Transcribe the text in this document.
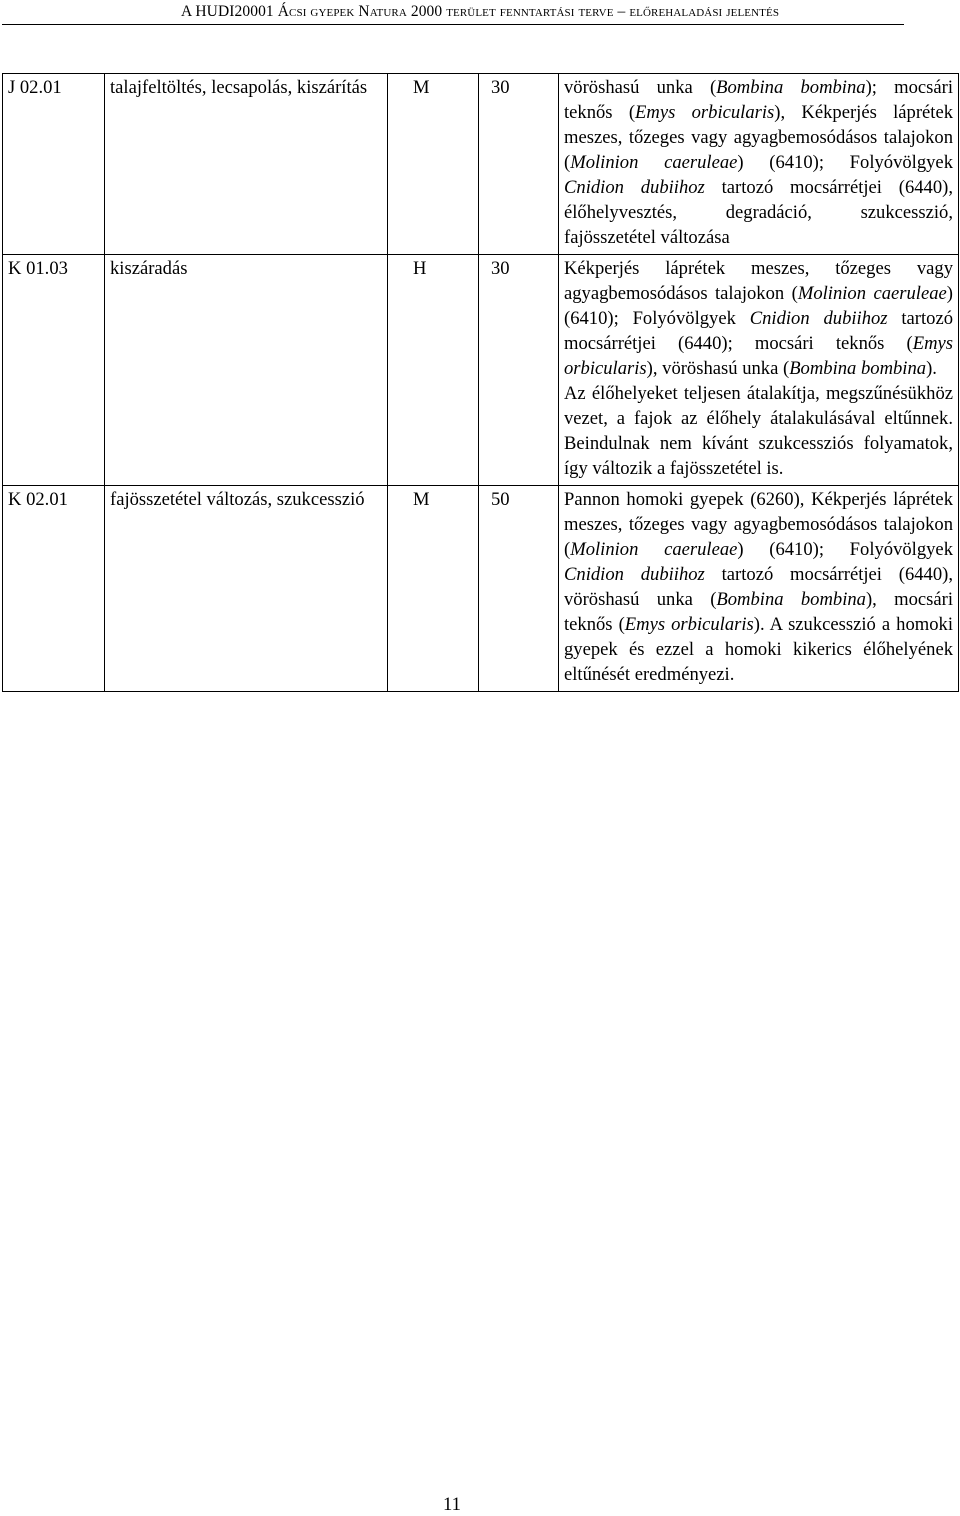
A HUDI20001 Ácsi gyepek Natura 2000 terület fenntartási terve – előrehaladási jelentés
J 02.01	talajfeltöltés, lecsapolás, kiszárítás	M	30	vöröshasú unka (Bombina bombina); mocsári teknős (Emys orbicularis), Kékperjés láprétek meszes, tőzeges vagy agyagbemosódásos talajokon (Molinion caeruleae) (6410); Folyóvölgyek Cnidion dubiihoz tartozó mocsárrétjei (6440), élőhelyvesztés, degradáció, szukcesszió, fajösszetétel változása

K 01.03	kiszáradás	H	30	Kékperjés láprétek meszes, tőzeges vagy agyagbemosódásos talajokon (Molinion caeruleae) (6410); Folyóvölgyek Cnidion dubiihoz tartozó mocsárrétjei (6440); mocsári teknős (Emys orbicularis), vöröshasú unka (Bombina bombina).

Az élőhelyeket teljesen átalakítja, megszűnésükhöz vezet, a fajok az élőhely átalakulásával eltűnnek. Beindulnak nem kívánt szukcessziós folyamatok, így változik a fajösszetétel is.

K 02.01	fajösszetétel változás, szukcesszió	M	50	Pannon homoki gyepek (6260), Kékperjés láprétek meszes, tőzeges vagy agyagbemosódásos talajokon (Molinion caeruleae) (6410); Folyóvölgyek Cnidion dubiihoz tartozó mocsárrétjei (6440), vöröshasú unka (Bombina bombina), mocsári teknős (Emys orbicularis). A szukcesszió a homoki gyepek és ezzel a homoki kikerics élőhelyének eltűnését eredményezi.

11
